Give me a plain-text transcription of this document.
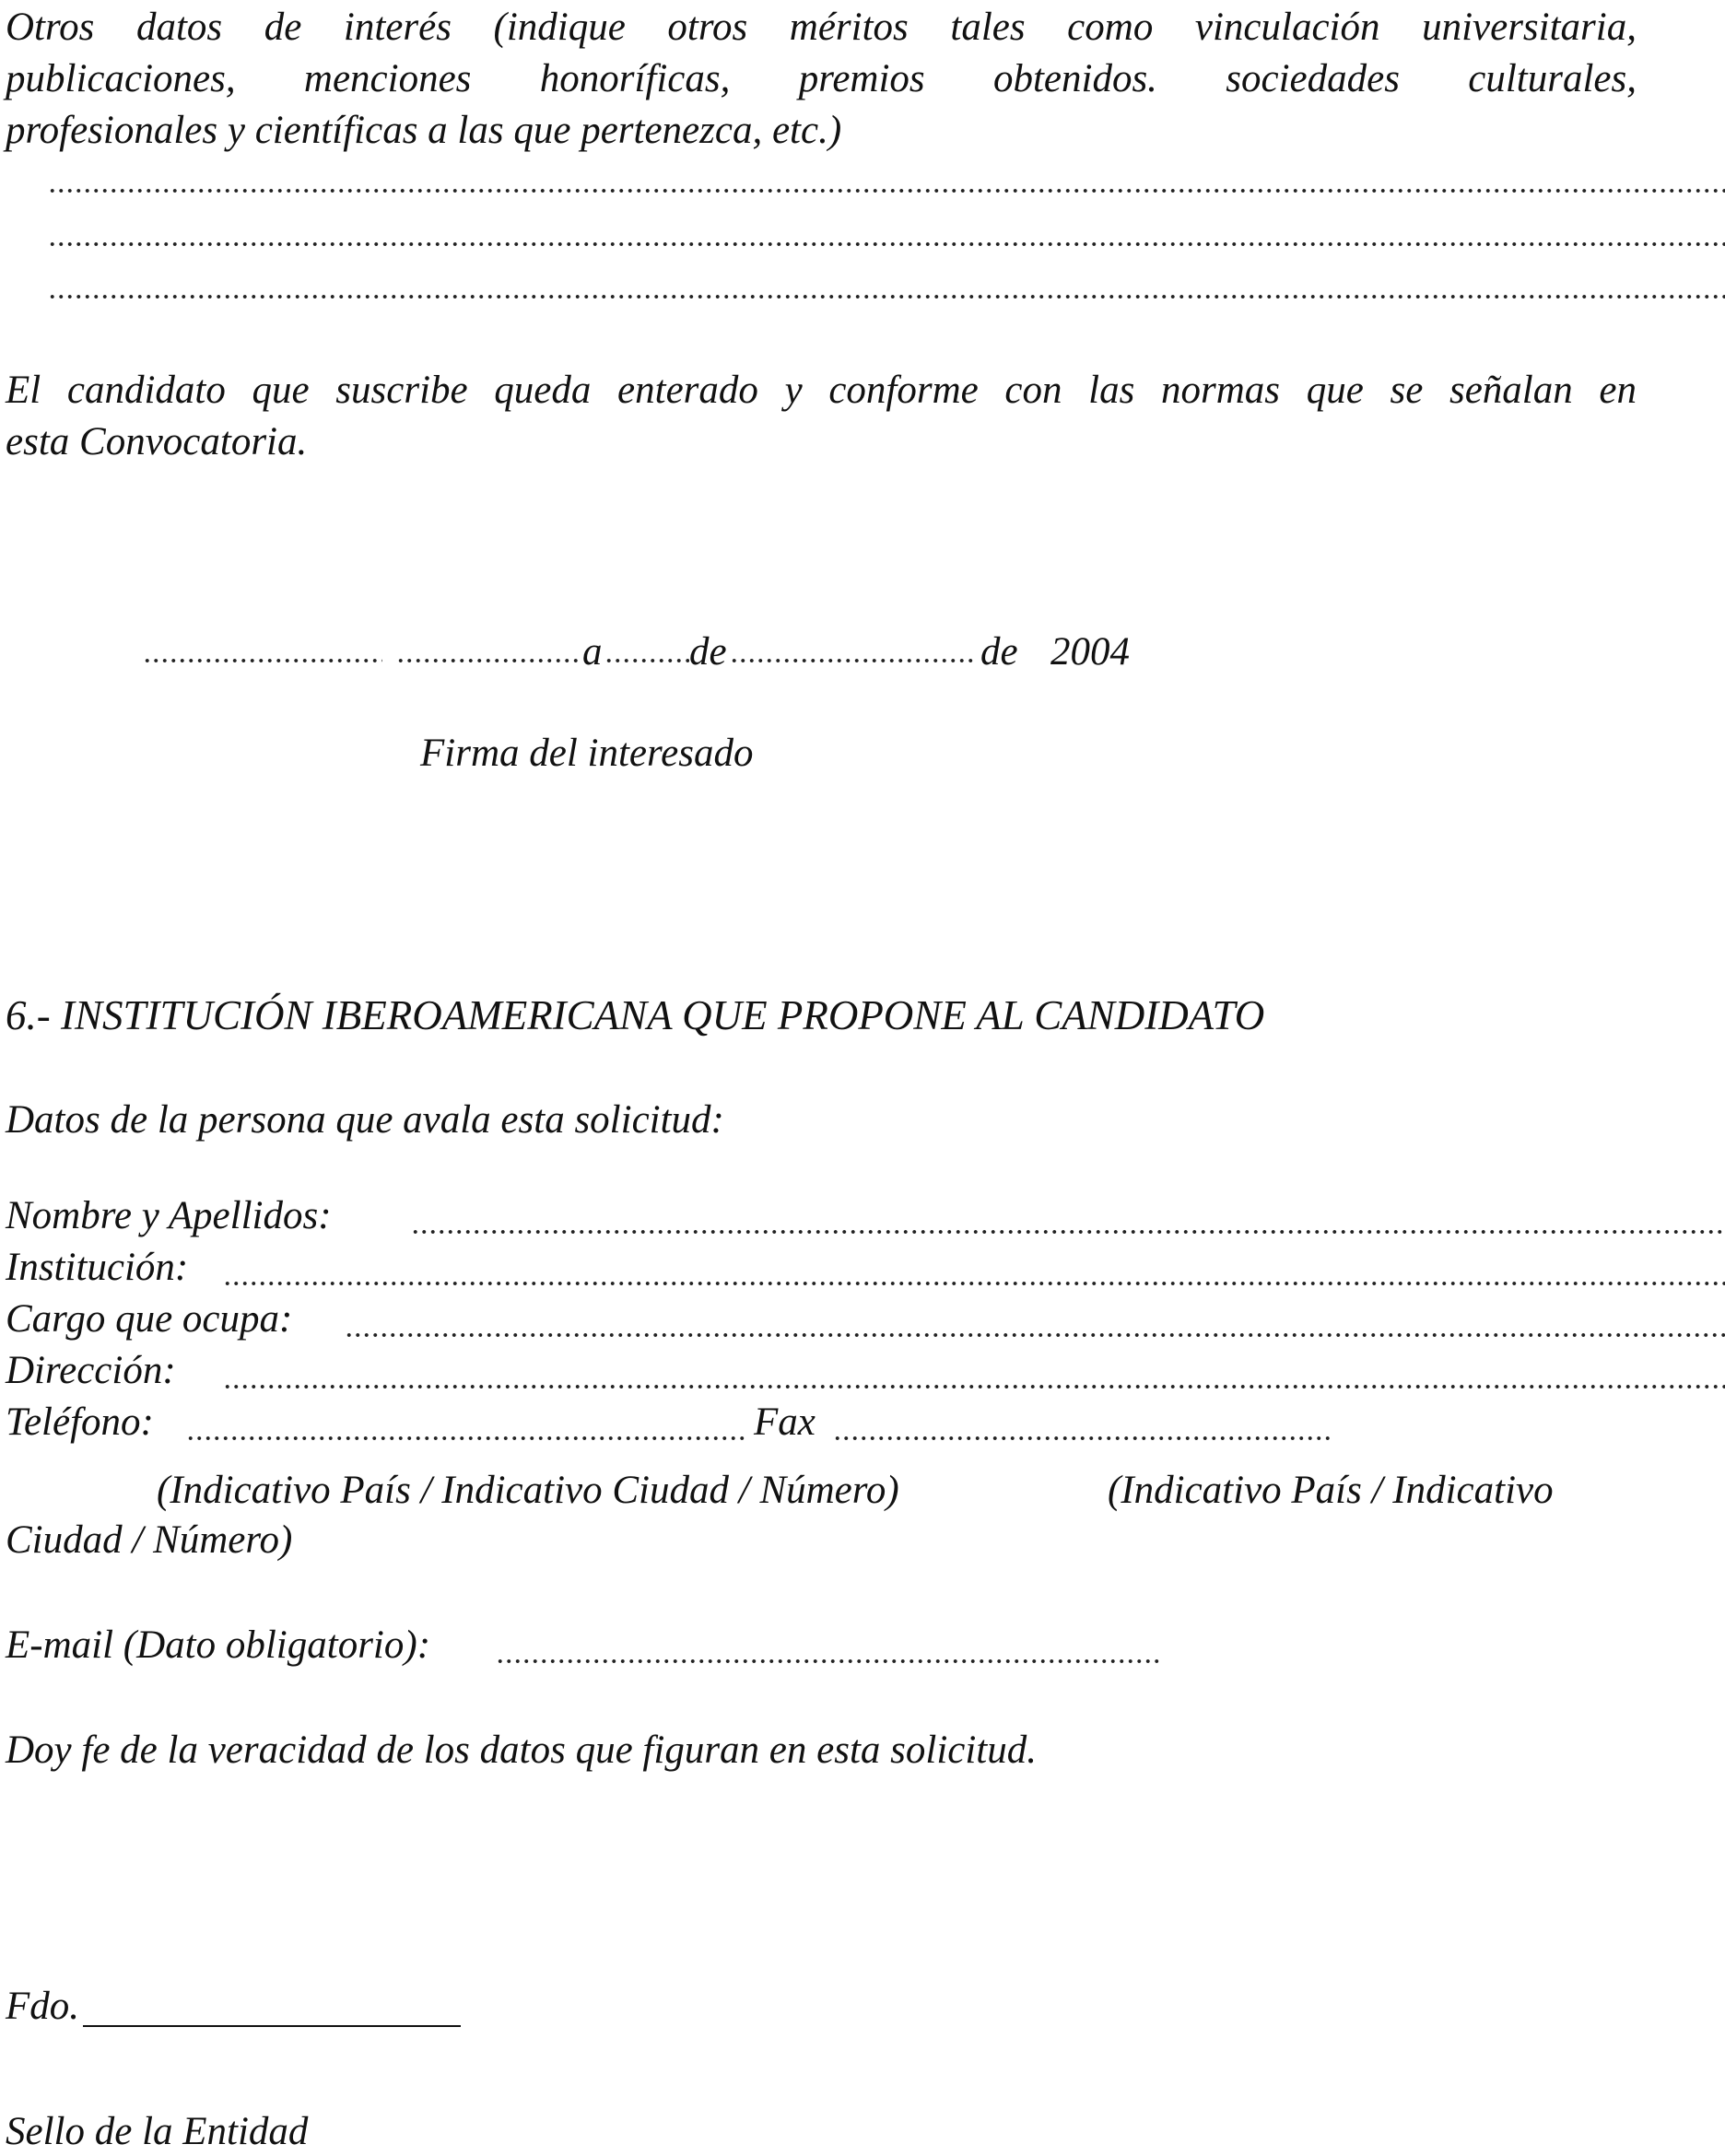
Otros datos de interés (indique otros méritos tales como vinculación universitaria,

publicaciones, menciones honoríficas, premios obtenidos. sociedades culturales,

profesionales y científicas a las que pertenezca, etc.)

El candidato que suscribe queda enterado y conforme con las normas que se señalan en

esta Convocatoria.

a de	de 2004

Firma del interesado

6.- INSTITUCIÓN IBEROAMERICANA QUE PROPONE AL CANDIDATO

Datos de la persona que avala esta solicitud:

Nombre y Apellidos:
Institución:
Cargo que ocupa:
Dirección:
Teléfono:	Fax

(Indicativo País / Indicativo Ciudad / Número)	(Indicativo País / Indicativo

Ciudad / Número)

E-mail (Dato obligatorio):

Doy fe de la veracidad de los datos que figuran en esta solicitud.

Fdo.

Sello de la Entidad
